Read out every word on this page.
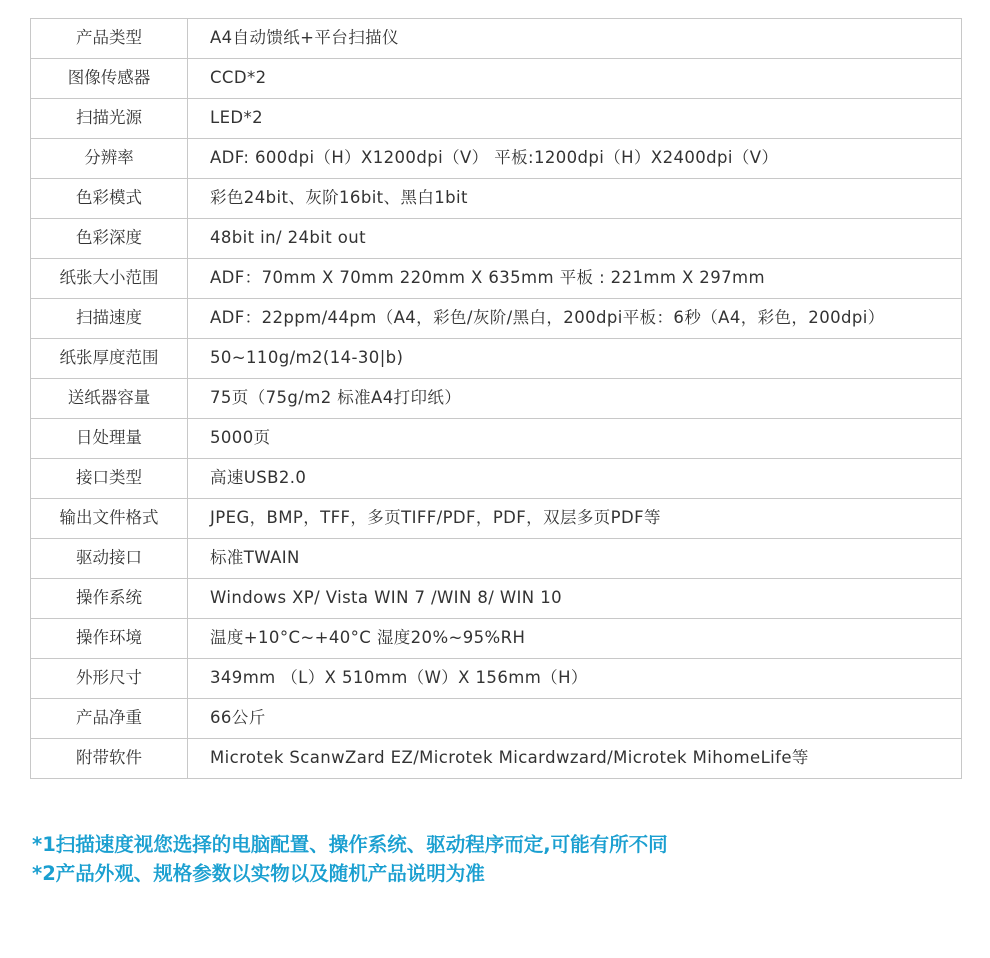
产品类型	A4自动馈纸+平台扫描仪
图像传感器	CCD*2
扫描光源	LED*2
分辨率	ADF: 600dpi（H）X1200dpi（V） 平板:1200dpi（H）X2400dpi（V）
色彩模式	彩色24bit、灰阶16bit、黑白1bit
色彩深度	48bit in/ 24bit out
纸张大小范围	ADF：70mm X 70mm 220mm X 635mm 平板 : 221mm X 297mm
扫描速度	ADF：22ppm/44pm（A4，彩色/灰阶/黑白，200dpi平板：6秒（A4，彩色，200dpi）
纸张厚度范围	50~110g/m2(14-30|b)
送纸器容量	75页（75g/m2 标准A4打印纸）
日处理量	5000页
接口类型	高速USB2.0
输出文件格式	JPEG，BMP，TFF，多页TIFF/PDF，PDF，双层多页PDF等
驱动接口	标准TWAIN
操作系统	Windows XP/ Vista WIN 7 /WIN 8/ WIN 10
操作环境	温度+10°C~+40°C 湿度20%~95%RH
外形尺寸	349mm （L）X 510mm（W）X 156mm（H）
产品净重	66公斤
附带软件	Microtek ScanwZard EZ/Microtek Micardwzard/Microtek MihomeLife等
*1扫描速度视您选择的电脑配置、操作系统、驱动程序而定,可能有所不同
*2产品外观、规格参数以实物以及随机产品说明为准
